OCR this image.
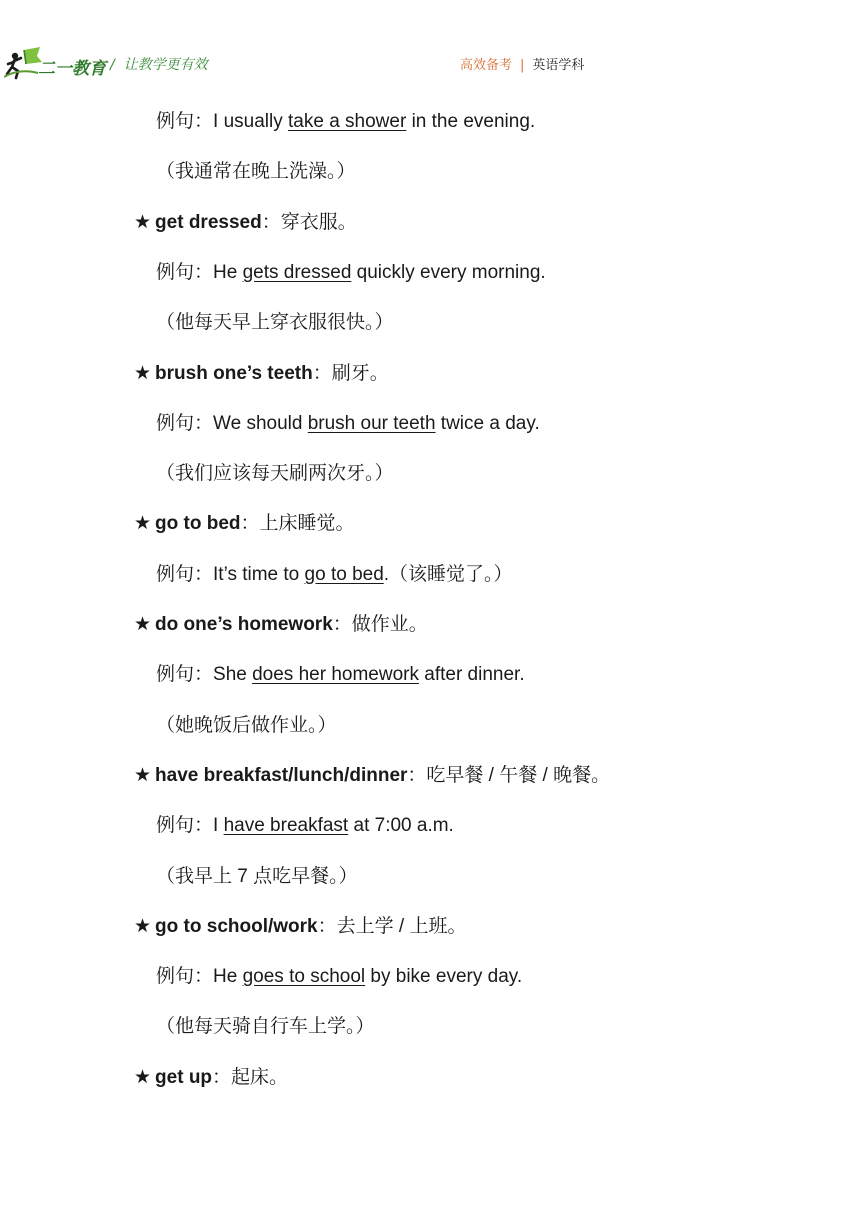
二一教育 /  让教学更有效	高效备考 | 英语学科
例句：I usually take a shower in the evening.
（我通常在晚上洗澡。）
★ get dressed：穿衣服。
例句：He gets dressed quickly every morning.
（他每天早上穿衣服很快。）
★ brush one’s teeth：刷牙。
例句：We should brush our teeth twice a day.
（我们应该每天刷两次牙。）
★ go to bed：上床睡觉。
例句：It’s time to go to bed.（该睡觉了。）
★ do one’s homework：做作业。
例句：She does her homework after dinner.
（她晚饭后做作业。）
★ have breakfast/lunch/dinner：吃早餐 / 午餐 / 晚餐。
例句：I have breakfast at 7:00 a.m.
（我早上 7 点吃早餐。）
★ go to school/work：去上学 / 上班。
例句：He goes to school by bike every day.
（他每天骑自行车上学。）
★ get up：起床。
